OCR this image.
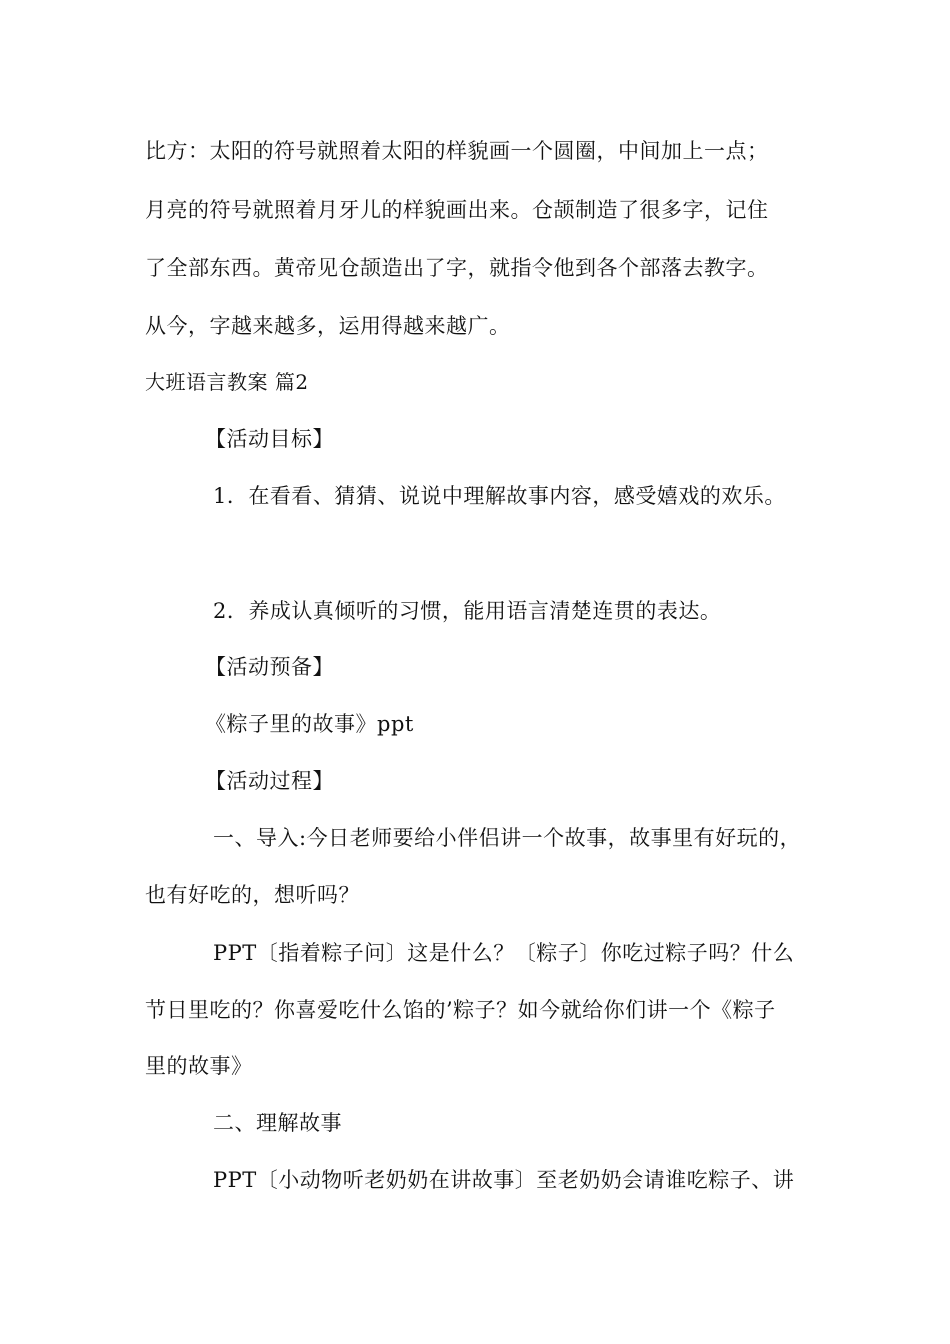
比方：太阳的符号就照着太阳的样貌画一个圆圈，中间加上一点；
月亮的符号就照着月牙儿的样貌画出来。仓颉制造了很多字，记住
了全部东西。黄帝见仓颉造出了字，就指令他到各个部落去教字。
从今，字越来越多，运用得越来越广。
大班语言教案 篇2
【活动目标】
1．在看看、猜猜、说说中理解故事内容，感受嬉戏的欢乐。
2．养成认真倾听的习惯，能用语言清楚连贯的表达。
【活动预备】
《粽子里的故事》ppt
【活动过程】
一、导入:今日老师要给小伴侣讲一个故事，故事里有好玩的，
也有好吃的，想听吗？
PPT〔指着粽子问〕这是什么？〔粽子〕你吃过粽子吗？什么
节日里吃的？你喜爱吃什么馅的’粽子？如今就给你们讲一个《粽子
里的故事》
二、理解故事
PPT〔小动物听老奶奶在讲故事〕至老奶奶会请谁吃粽子、讲
